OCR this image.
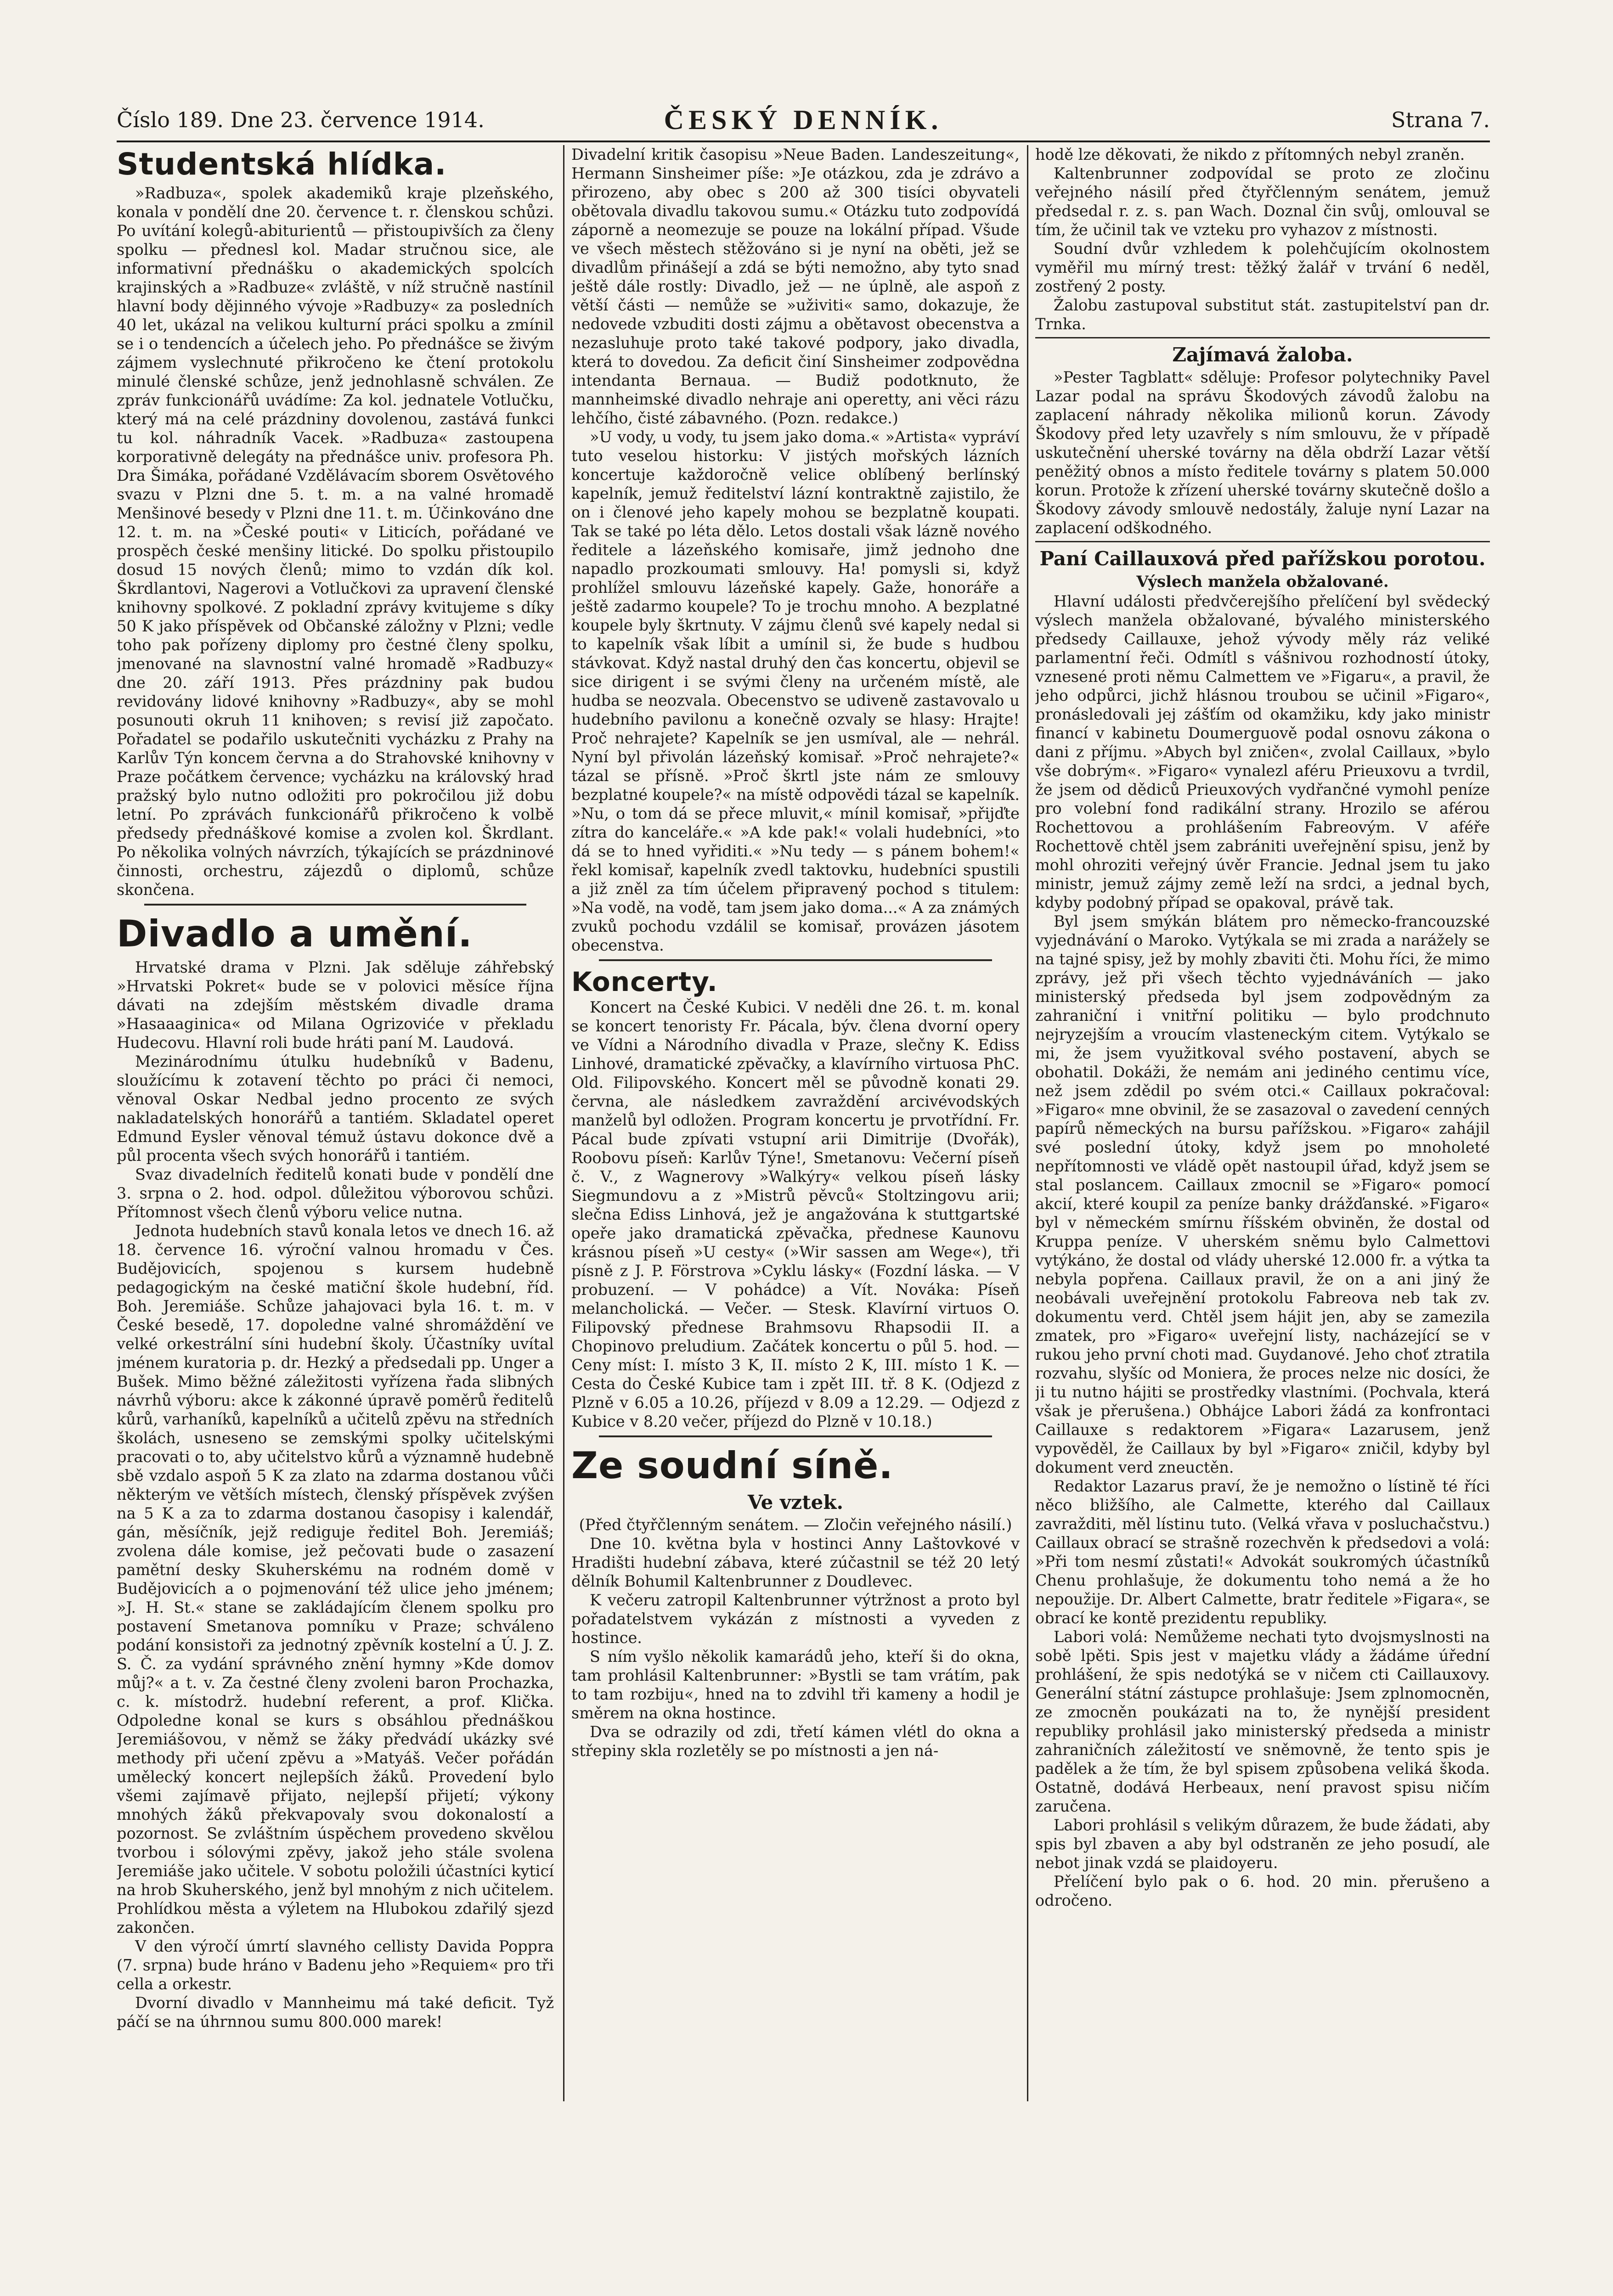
Číslo 189. Dne 23. července 1914.	ČESKÝ DENNÍK.	Strana 7.
Studentská hlídka.

»Radbuza«, spolek akademiků kraje plzeňského, konala v pondělí dne 20. července t. r. členskou schůzi. Po uvítání kolegů-abiturientů — přistoupivších za členy spolku — přednesl kol. Madar stručnou sice, ale informativní přednášku o akademických spolcích krajinských a »Radbuze« zvláště, v níž stručně nastínil hlavní body dějinného vývoje »Radbuzy« za posledních 40 let, ukázal na velikou kulturní práci spolku a zmínil se i o tendencích a účelech jeho. Po přednášce se živým zájmem vyslechnuté přikročeno ke čtení protokolu minulé členské schůze, jenž jednohlasně schválen. Ze zpráv funkcionářů uvádíme: Za kol. jednatele Votlučku, který má na celé prázdniny dovolenou, zastává funkci tu kol. náhradník Vacek. »Radbuza« zastoupena korporativně delegáty na přednášce univ. profesora Ph. Dra Šimáka, pořádané Vzdělávacím sborem Osvětového svazu v Plzni dne 5. t. m. a na valné hromadě Menšinové besedy v Plzni dne 11. t. m. Účinkováno dne 12. t. m. na »České pouti« v Liticích, pořádané ve prospěch české menšiny litické. Do spolku přistoupilo dosud 15 nových členů; mimo to vzdán dík kol. Škrdlantovi, Nagerovi a Votlučkovi za upravení členské knihovny spolkové. Z pokladní zprávy kvitujeme s díky 50 K jako příspěvek od Občanské záložny v Plzni; vedle toho pak pořízeny diplomy pro čestné členy spolku, jmenované na slavnostní valné hromadě »Radbuzy« dne 20. září 1913. Přes prázdniny pak budou revidovány lidové knihovny »Radbuzy«, aby se mohl posunouti okruh 11 knihoven; s revisí již započato. Pořadatel se podařilo uskutečniti vycházku z Prahy na Karlův Týn koncem června a do Strahovské knihovny v Praze počátkem července; vycházku na královský hrad pražský bylo nutno odložiti pro pokročilou již dobu letní. Po zprávách funkcionářů přikročeno k volbě předsedy přednáškové komise a zvolen kol. Škrdlant. Po několika volných návrzích, týkajících se prázdninové činnosti, orchestru, zájezdů o diplomů, schůze skončena.

Divadlo a umění.

Hrvatské drama v Plzni. Jak sděluje záhřebský »Hrvatski Pokret« bude se v polovici měsíce října dávati na zdejším městském divadle drama »Hasaaaginica« od Milana Ogrizoviće v překladu Hudecovu. Hlavní roli bude hráti paní M. Laudová.

Mezinárodnímu útulku hudebníků v Badenu, sloužícímu k zotavení těchto po práci či nemoci, věnoval Oskar Nedbal jedno procento ze svých nakladatelských honorářů a tantiém. Skladatel operet Edmund Eysler věnoval témuž ústavu dokonce dvě a půl procenta všech svých honorářů i tantiém.

Svaz divadelních ředitelů konati bude v pondělí dne 3. srpna o 2. hod. odpol. důležitou výborovou schůzi. Přítomnost všech členů výboru velice nutna.

Jednota hudebních stavů konala letos ve dnech 16. až 18. července 16. výroční valnou hromadu v Čes. Budějovicích, spojenou s kursem hudebně pedagogickým na české matiční škole hudební, říd. Boh. Jeremiáše. Schůze jahajovaci byla 16. t. m. v České besedě, 17. dopoledne valné shromáždění ve velké orkestrální síni hudební školy. Účastníky uvítal jménem kuratoria p. dr. Hezký a předsedali pp. Unger a Bušek. Mimo běžné záležitosti vyřízena řada slibných návrhů výboru: akce k zákonné úpravě poměrů ředitelů kůrů, varhaníků, kapelníků a učitelů zpěvu na středních školách, usneseno se zemskými spolky učitelskými pracovati o to, aby učitelstvo kůrů a významně hudebně sbě vzdalo aspoň 5 K za zlato na zdarma dostanou vůči některým ve větších místech, členský příspěvek zvýšen na 5 K a za to zdarma dostanou časopisy i kalendář, gán, měsíčník, jejž rediguje ředitel Boh. Jeremiáš; zvolena dále komise, jež pečovati bude o zasazení pamětní desky Skuherskému na rodném domě v Budějovicích a o pojmenování též ulice jeho jménem; »J. H. St.« stane se zakládajícím členem spolku pro postavení Smetanova pomníku v Praze; schváleno podání konsistoři za jednotný zpěvník kostelní a Ú. J. Z. S. Č. za vydání správného znění hymny »Kde domov můj?« a t. v. Za čestné členy zvoleni baron Prochazka, c. k. místodrž. hudební referent, a prof. Klička. Odpoledne konal se kurs s obsáhlou přednáškou Jeremiášovou, v němž se žáky předvádí ukázky své methody při učení zpěvu a »Matyáš. Večer pořádán umělecký koncert nejlepších žáků. Provedení bylo všemi zajímavě přijato, nejlepší přijetí; výkony mnohých žáků překvapovaly svou dokonalostí a pozornost. Se zvláštním úspěchem provedeno skvělou tvorbou i sólovými zpěvy, jakož jeho stále svolena Jeremiáše jako učitele. V sobotu položili účastníci kyticí na hrob Skuherského, jenž byl mnohým z nich učitelem. Prohlídkou města a výletem na Hlubokou zdařilý sjezd zakončen.

V den výročí úmrtí slavného cellisty Davida Poppra (7. srpna) bude hráno v Badenu jeho »Requiem« pro tři cella a orkestr.

Dvorní divadlo v Mannheimu má také deficit. Tyž páčí se na úhrnnou sumu 800.000 marek!

Divadelní kritik časopisu »Neue Baden. Landeszeitung«, Hermann Sinsheimer píše: »Je otázkou, zda je zdrávo a přirozeno, aby obec s 200 až 300 tisíci obyvateli obětovala divadlu takovou sumu.« Otázku tuto zodpovídá záporně a neomezuje se pouze na lokální případ. Všude ve všech městech stěžováno si je nyní na oběti, jež se divadlům přinášejí a zdá se býti nemožno, aby tyto snad ještě dále rostly: Divadlo, jež — ne úplně, ale aspoň z větší části — nemůže se »uživiti« samo, dokazuje, že nedovede vzbuditi dosti zájmu a obětavost obecenstva a nezasluhuje proto také takové podpory, jako divadla, která to dovedou. Za deficit činí Sinsheimer zodpovědna intendanta Bernaua. — Budiž podotknuto, že mannheimské divadlo nehraje ani operetty, ani věci rázu lehčího, čisté zábavného. (Pozn. redakce.)

»U vody, u vody, tu jsem jako doma.« »Artista« vypráví tuto veselou historku: V jistých mořských lázních koncertuje každoročně velice oblíbený berlínský kapelník, jemuž ředitelství lázní kontraktně zajistilo, že on i členové jeho kapely mohou se bezplatně koupati. Tak se také po léta dělo. Letos dostali však lázně nového ředitele a lázeňského komisaře, jimž jednoho dne napadlo prozkoumati smlouvy. Ha! pomysli si, když prohlížel smlouvu lázeňské kapely. Gaže, honoráře a ještě zadarmo koupele? To je trochu mnoho. A bezplatné koupele byly škrtnuty. V zájmu členů své kapely nedal si to kapelník však líbit a umínil si, že bude s hudbou stávkovat. Když nastal druhý den čas koncertu, objevil se sice dirigent i se svými členy na určeném místě, ale hudba se neozvala. Obecenstvo se udiveně zastavovalo u hudebního pavilonu a konečně ozvaly se hlasy: Hrajte! Proč nehrajete? Kapelník se jen usmíval, ale — nehrál. Nyní byl přivolán lázeňský komisař. »Proč nehrajete?« tázal se přísně. »Proč škrtl jste nám ze smlouvy bezplatné koupele?« na místě odpovědi tázal se kapelník. »Nu, o tom dá se přece mluvit,« mínil komisař, »přijďte zítra do kanceláře.« »A kde pak!« volali hudebníci, »to dá se to hned vyřiditi.« »Nu tedy — s pánem bohem!« řekl komisař, kapelník zvedl taktovku, hudebníci spustili a již zněl za tím účelem připravený pochod s titulem: »Na vodě, na vodě, tam jsem jako doma...« A za známých zvuků pochodu vzdálil se komisař, provázen jásotem obecenstva.

Koncerty.

Koncert na České Kubici. V neděli dne 26. t. m. konal se koncert tenoristy Fr. Pácala, býv. člena dvorní opery ve Vídni a Národního divadla v Praze, slečny K. Ediss Linhové, dramatické zpěvačky, a klavírního virtuosa PhC. Old. Filipovského. Koncert měl se původně konati 29. června, ale následkem zavraždění arcivévodských manželů byl odložen. Program koncertu je prvotřídní. Fr. Pácal bude zpívati vstupní arii Dimitrije (Dvořák), Roobovu píseň: Karlův Týne!, Smetanovu: Večerní píseň č. V., z Wagnerovy »Walkýry« velkou píseň lásky Siegmundovu a z »Mistrů pěvců« Stoltzingovu arii; slečna Ediss Linhová, jež je angažována k stuttgartské opeře jako dramatická zpěvačka, přednese Kaunovu krásnou píseň »U cesty« (»Wir sassen am Wege«), tři písně z J. P. Förstrova »Cyklu lásky« (Fozdní láska. — V probuzení. — V pohádce) a Vít. Nováka: Píseň melancholická. — Večer. — Stesk. Klavírní virtuos O. Filipovský přednese Brahmsovu Rhapsodii II. a Chopinovo preludium. Začátek koncertu o půl 5. hod. — Ceny míst: I. místo 3 K, II. místo 2 K, III. místo 1 K. — Cesta do České Kubice tam i zpět III. tř. 8 K. (Odjezd z Plzně v 6.05 a 10.26, příjezd v 8.09 a 12.29. — Odjezd z Kubice v 8.20 večer, příjezd do Plzně v 10.18.)

Ze soudní síně.

Ve vztek.

(Před čtyřčlenným senátem. — Zločin veřejného násilí.)

Dne 10. května byla v hostinci Anny Laštovkové v Hradišti hudební zábava, které zúčastnil se též 20 letý dělník Bohumil Kaltenbrunner z Doudlevec.

K večeru zatropil Kaltenbrunner výtržnost a proto byl pořadatelstvem vykázán z místnosti a vyveden z hostince.

S ním vyšlo několik kamarádů jeho, kteří ši do okna, tam prohlásil Kaltenbrunner: »Bystli se tam vrátím, pak to tam rozbiju«, hned na to zdvihl tři kameny a hodil je směrem na okna hostince.

Dva se odrazily od zdi, třetí kámen vlétl do okna a střepiny skla rozletěly se po místnosti a jen ná-

hodě lze děkovati, že nikdo z přítomných nebyl zraněn.

Kaltenbrunner zodpovídal se proto ze zločinu veřejného násilí před čtyřčlenným senátem, jemuž předsedal r. z. s. pan Wach. Doznal čin svůj, omlouval se tím, že učinil tak ve vzteku pro vyhazov z místnosti.

Soudní dvůr vzhledem k polehčujícím okolnostem vyměřil mu mírný trest: těžký žalář v trvání 6 neděl, zostřený 2 posty.

Žalobu zastupoval substitut stát. zastupitelství pan dr. Trnka.

Zajímavá žaloba.

»Pester Tagblatt« sděluje: Profesor polytechniky Pavel Lazar podal na správu Škodových závodů žalobu na zaplacení náhrady několika milionů korun. Závody Škodovy před lety uzavřely s ním smlouvu, že v případě uskutečnění uherské továrny na děla obdrží Lazar větší peněžitý obnos a místo ředitele továrny s platem 50.000 korun. Protože k zřízení uherské továrny skutečně došlo a Škodovy závody smlouvě nedostály, žaluje nyní Lazar na zaplacení odškodného.

Paní Caillauxová před pařížskou porotou.

Výslech manžela obžalované.

Hlavní události předvčerejšího přelíčení byl svědecký výslech manžela obžalované, bývalého ministerského předsedy Caillauxe, jehož vývody měly ráz veliké parlamentní řeči. Odmítl s vášnivou rozhodností útoky, vznesené proti němu Calmettem ve »Figaru«, a pravil, že jeho odpůrci, jichž hlásnou troubou se učinil »Figaro«, pronásledovali jej zášťím od okamžiku, kdy jako ministr financí v kabinetu Doumerguově podal osnovu zákona o dani z příjmu. »Abych byl zničen«, zvolal Caillaux, »bylo vše dobrým«. »Figaro« vynalezl aféru Prieuxovu a tvrdil, že jsem od dědiců Prieuxových vydřančné vymohl peníze pro volební fond radikální strany. Hrozilo se aférou Rochettovou a prohlášením Fabreovým. V aféře Rochettově chtěl jsem zabrániti uveřejnění spisu, jenž by mohl ohroziti veřejný úvěr Francie. Jednal jsem tu jako ministr, jemuž zájmy země leží na srdci, a jednal bych, kdyby podobný případ se opakoval, právě tak.

Byl jsem smýkán blátem pro německo-francouzské vyjednávání o Maroko. Vytýkala se mi zrada a narážely se na tajné spisy, jež by mohly zbaviti čti. Mohu říci, že mimo zprávy, jež při všech těchto vyjednáváních — jako ministerský předseda byl jsem zodpovědným za zahraniční i vnitřní politiku — bylo prodchnuto nejryzejším a vroucím vlasteneckým citem. Vytýkalo se mi, že jsem využitkoval svého postavení, abych se obohatil. Dokáži, že nemám ani jediného centimu více, než jsem zdědil po svém otci.« Caillaux pokračoval: »Figaro« mne obvinil, že se zasazoval o zavedení cenných papírů německých na bursu pařížskou. »Figaro« zahájil své poslední útoky, když jsem po mnoholeté nepřítomnosti ve vládě opět nastoupil úřad, když jsem se stal poslancem. Caillaux zmocnil se »Figaro« pomocí akcií, které koupil za peníze banky drážďanské. »Figaro« byl v německém smírnu říšském obviněn, že dostal od Kruppa peníze. V uherském sněmu bylo Calmettovi vytýkáno, že dostal od vlády uherské 12.000 fr. a výtka ta nebyla popřena. Caillaux pravil, že on a ani jiný že neobávali uveřejnění protokolu Fabreova neb tak zv. dokumentu verd. Chtěl jsem hájit jen, aby se zamezila zmatek, pro »Figaro« uveřejní listy, nacházející se v rukou jeho první choti mad. Guydanové. Jeho choť ztratila rozvahu, slyšíc od Moniera, že proces nelze nic dosíci, že ji tu nutno hájiti se prostředky vlastními. (Pochvala, která však je přerušena.) Obhájce Labori žádá za konfrontaci Caillauxe s redaktorem »Figara« Lazarusem, jenž vypověděl, že Caillaux by byl »Figaro« zničil, kdyby byl dokument verd zneuctěn.

Redaktor Lazarus praví, že je nemožno o lístině té říci něco bližšího, ale Calmette, kterého dal Caillaux zavražditi, měl lístinu tuto. (Velká vřava v posluchačstvu.) Caillaux obrací se strašně rozechvěn k předsedovi a volá: »Při tom nesmí zůstati!« Advokát soukromých účastníků Chenu prohlašuje, že dokumentu toho nemá a že ho nepoužije. Dr. Albert Calmette, bratr ředitele »Figara«, se obrací ke kontě prezidentu republiky.

Labori volá: Nemůžeme nechati tyto dvojsmyslnosti na sobě lpěti. Spis jest v majetku vlády a žádáme úřední prohlášení, že spis nedotýká se v ničem cti Caillauxovy. Generální státní zástupce prohlašuje: Jsem zplnomocněn, ze zmocněn poukázati na to, že nynější president republiky prohlásil jako ministerský předseda a ministr zahraničních záležitostí ve sněmovně, že tento spis je padělek a že tím, že byl spisem způsobena veliká škoda. Ostatně, dodává Herbeaux, není pravost spisu ničím zaručena.

Labori prohlásil s velikým důrazem, že bude žádati, aby spis byl zbaven a aby byl odstraněn ze jeho posudí, ale nebot jinak vzdá se plaidoyeru.

Přelíčení bylo pak o 6. hod. 20 min. přerušeno a odročeno.
